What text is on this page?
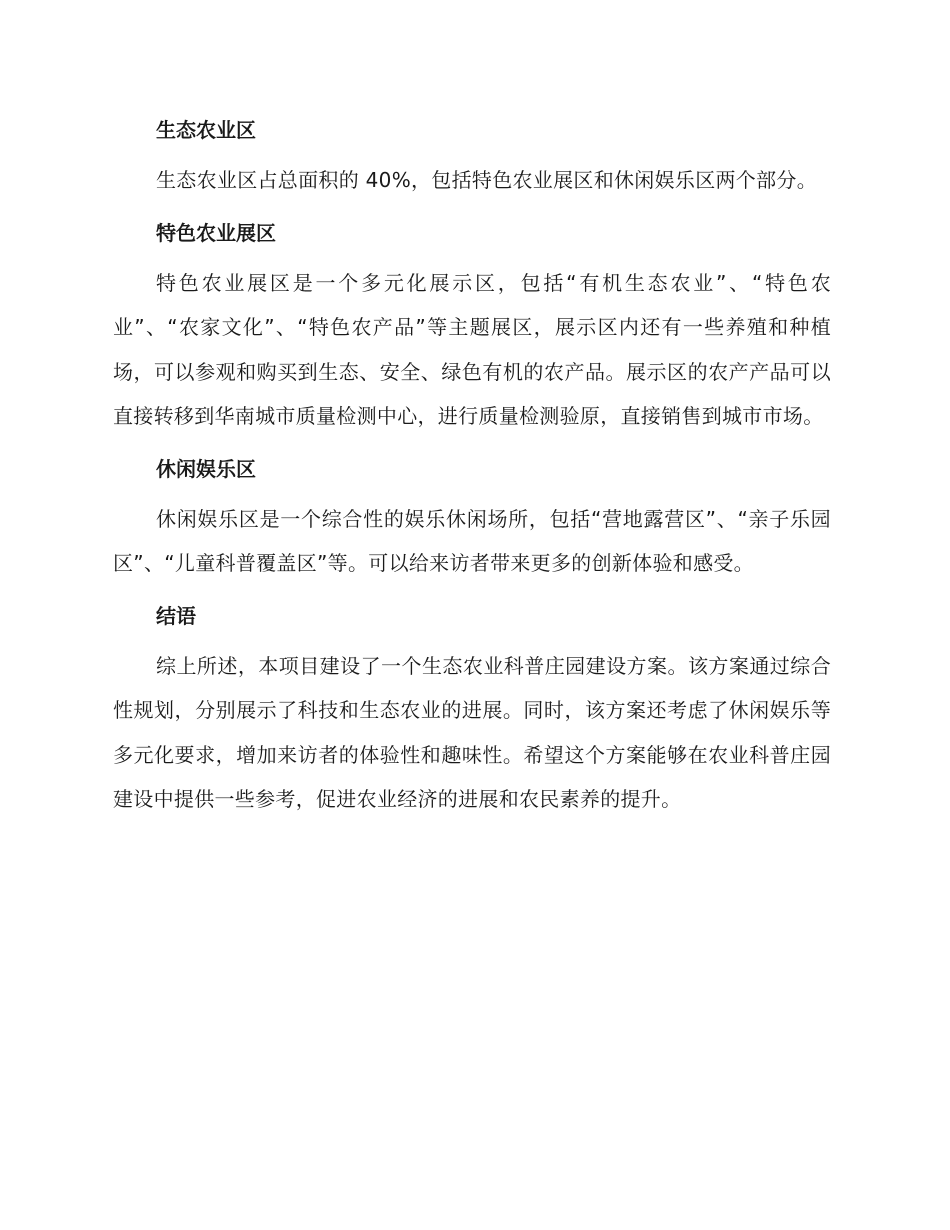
生态农业区

生态农业区占总面积的 40%，包括特色农业展区和休闲娱乐区两个部分。

特色农业展区

特色农业展区是一个多元化展示区，包括“有机生态农业”、“特色农业”、“农家文化”、“特色农产品”等主题展区，展示区内还有一些养殖和种植场，可以参观和购买到生态、安全、绿色有机的农产品。展示区的农产产品可以直接转移到华南城市质量检测中心，进行质量检测验原，直接销售到城市市场。

休闲娱乐区

休闲娱乐区是一个综合性的娱乐休闲场所，包括“营地露营区”、“亲子乐园区”、“儿童科普覆盖区”等。可以给来访者带来更多的创新体验和感受。

结语

综上所述，本项目建设了一个生态农业科普庄园建设方案。该方案通过综合性规划，分别展示了科技和生态农业的进展。同时，该方案还考虑了休闲娱乐等多元化要求，增加来访者的体验性和趣味性。希望这个方案能够在农业科普庄园建设中提供一些参考，促进农业经济的进展和农民素养的提升。
